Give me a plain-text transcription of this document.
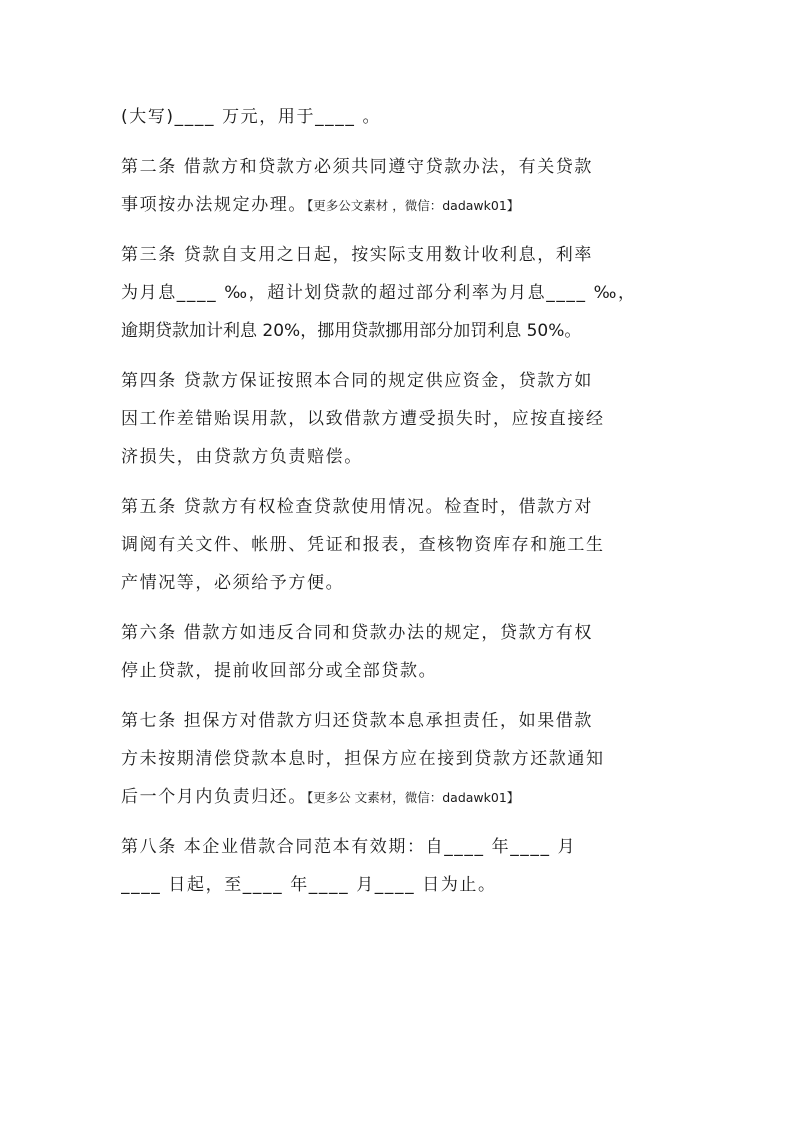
(大写)____ 万元，用于____ 。
第二条 借款方和贷款方必须共同遵守贷款办法，有关贷款
事项按办法规定办理。【更多公文素材 ，微信：dadawk01】
第三条 贷款自支用之日起，按实际支用数计收利息，利率
为月息____ ‰，超计划贷款的超过部分利率为月息____ ‰，
逾期贷款加计利息 20%，挪用贷款挪用部分加罚利息 50%。
第四条 贷款方保证按照本合同的规定供应资金，贷款方如
因工作差错贻误用款，以致借款方遭受损失时，应按直接经
济损失，由贷款方负责赔偿。
第五条 贷款方有权检查贷款使用情况。检查时，借款方对
调阅有关文件、帐册、凭证和报表，查核物资库存和施工生
产情况等，必须给予方便。
第六条 借款方如违反合同和贷款办法的规定，贷款方有权
停止贷款，提前收回部分或全部贷款。
第七条 担保方对借款方归还贷款本息承担责任，如果借款
方未按期清偿贷款本息时，担保方应在接到贷款方还款通知
后一个月内负责归还。【更多公 文素材，微信：dadawk01】
第八条 本企业借款合同范本有效期：自____ 年____ 月
____ 日起，至____ 年____ 月____ 日为止。
